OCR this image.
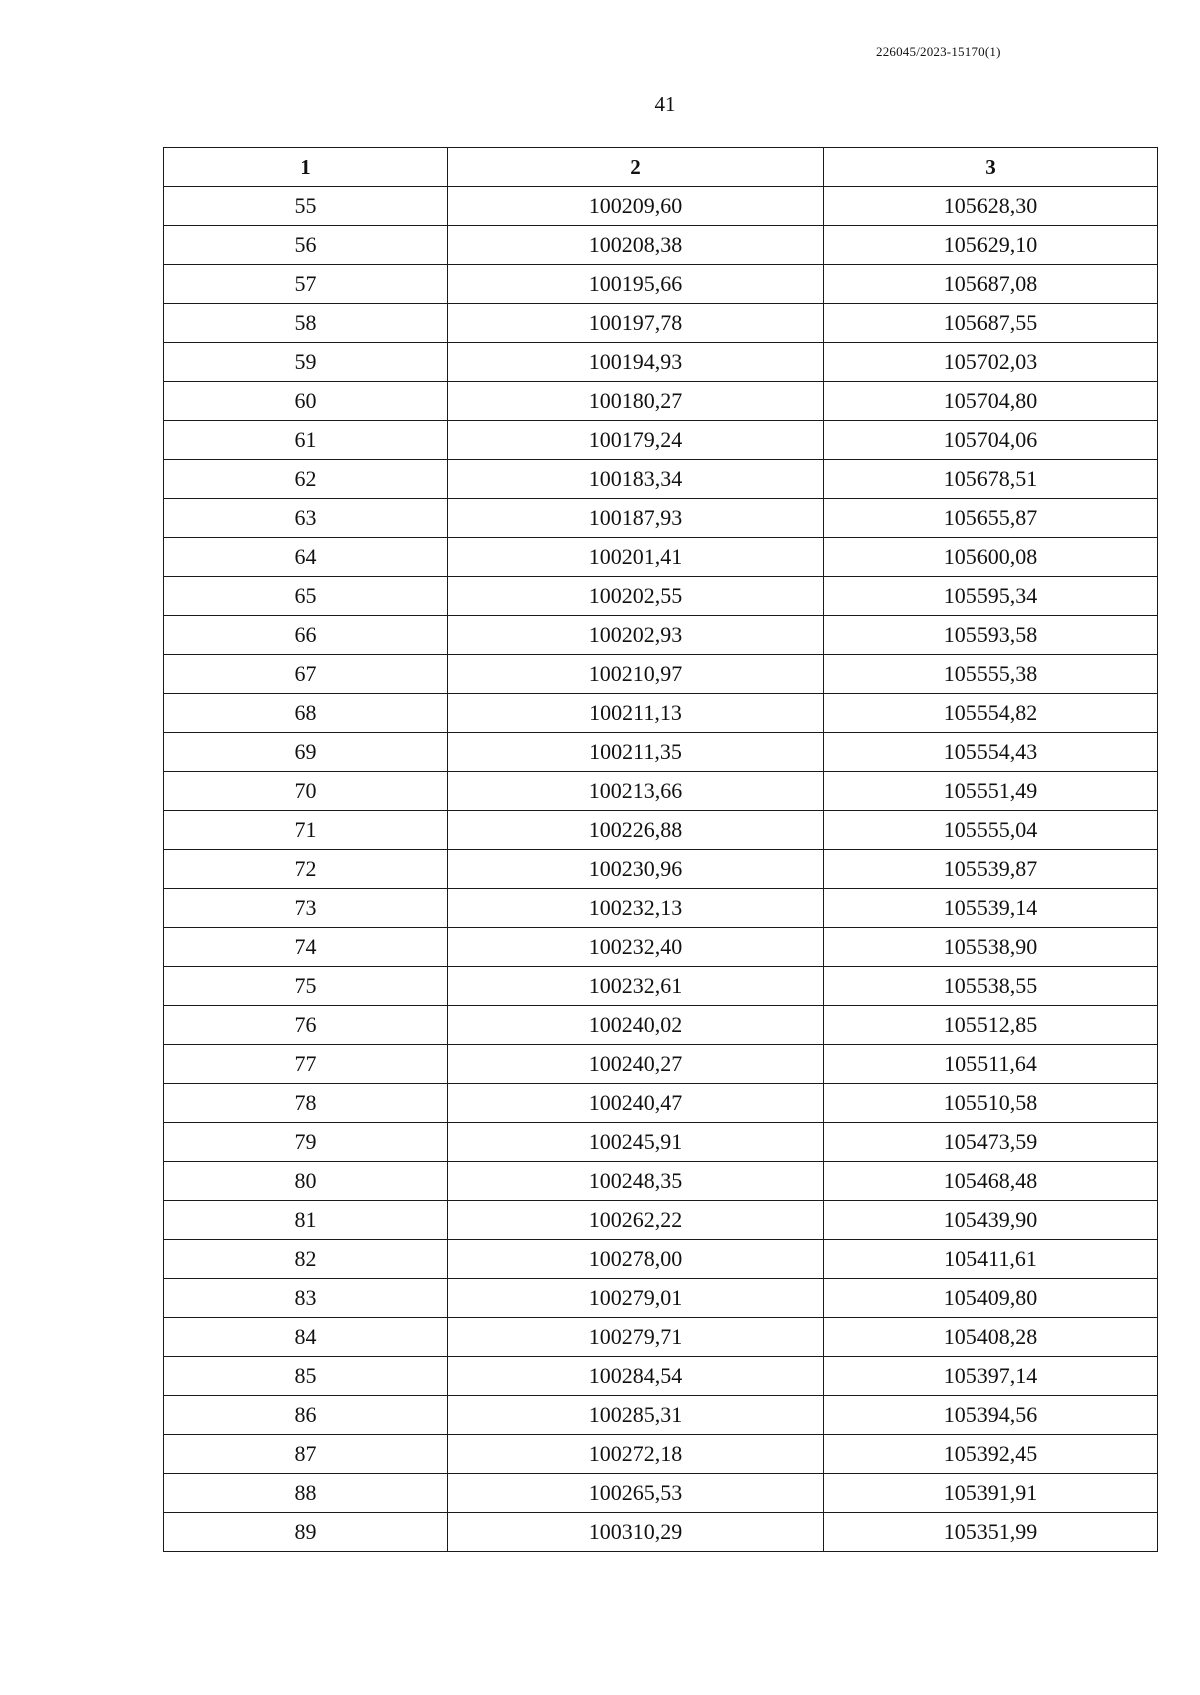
226045/2023-15170(1)
41
1	2	3
55	100209,60	105628,30
56	100208,38	105629,10
57	100195,66	105687,08
58	100197,78	105687,55
59	100194,93	105702,03
60	100180,27	105704,80
61	100179,24	105704,06
62	100183,34	105678,51
63	100187,93	105655,87
64	100201,41	105600,08
65	100202,55	105595,34
66	100202,93	105593,58
67	100210,97	105555,38
68	100211,13	105554,82
69	100211,35	105554,43
70	100213,66	105551,49
71	100226,88	105555,04
72	100230,96	105539,87
73	100232,13	105539,14
74	100232,40	105538,90
75	100232,61	105538,55
76	100240,02	105512,85
77	100240,27	105511,64
78	100240,47	105510,58
79	100245,91	105473,59
80	100248,35	105468,48
81	100262,22	105439,90
82	100278,00	105411,61
83	100279,01	105409,80
84	100279,71	105408,28
85	100284,54	105397,14
86	100285,31	105394,56
87	100272,18	105392,45
88	100265,53	105391,91
89	100310,29	105351,99
